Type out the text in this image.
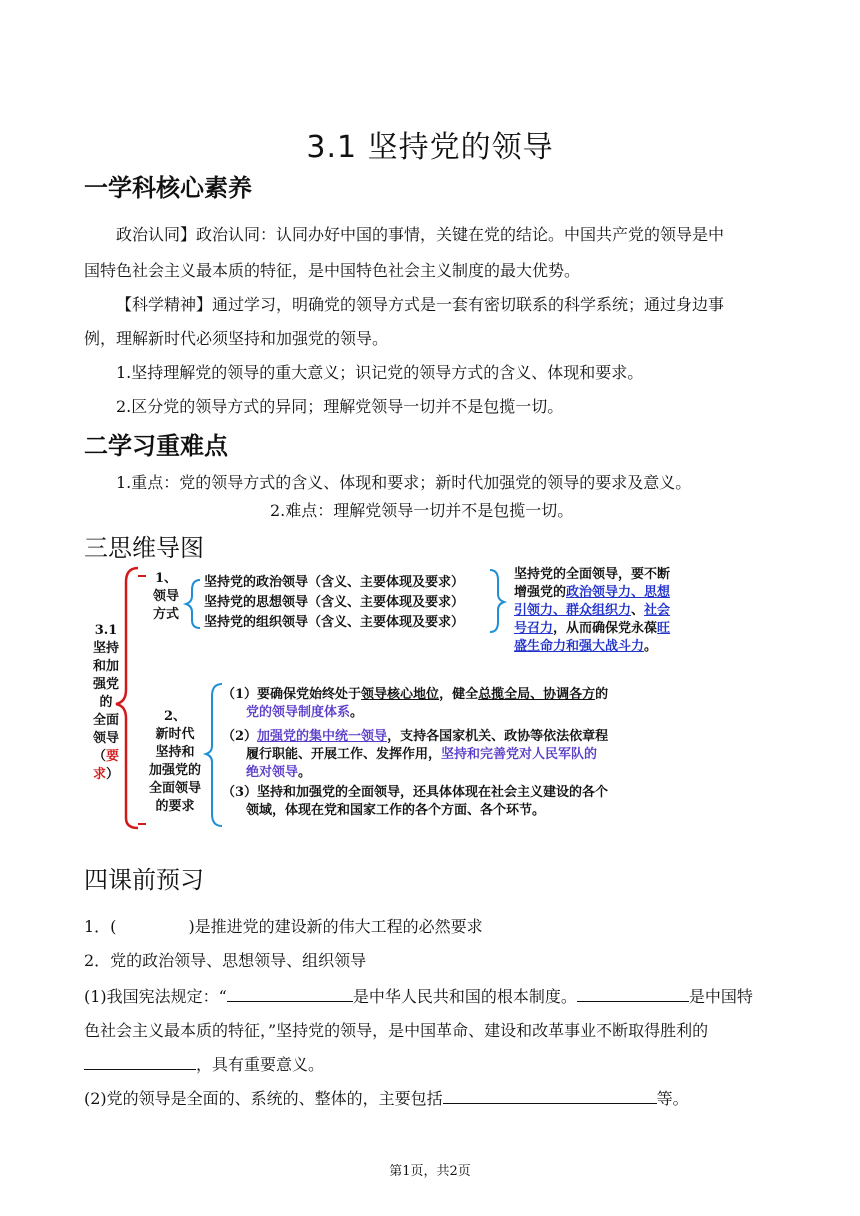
3.1 坚持党的领导
一学科核心素养
政治认同】政治认同：认同办好中国的事情，关键在党的结论。中国共产党的领导是中
国特色社会主义最本质的特征，是中国特色社会主义制度的最大优势。
【科学精神】通过学习，明确党的领导方式是一套有密切联系的科学系统；通过身边事
例，理解新时代必须坚持和加强党的领导。
1.坚持理解党的领导的重大意义；识记党的领导方式的含义、体现和要求。
2.区分党的领导方式的异同；理解党领导一切并不是包揽一切。
二学习重难点
1.重点：党的领导方式的含义、体现和要求；新时代加强党的领导的要求及意义。
2.难点：理解党领导一切并不是包揽一切。
三思维导图
3.1
坚持
和加
强党
的
全面
领导
（要
求）
1、
领导
方式
坚持党的政治领导（含义、主要体现及要求）
坚持党的思想领导（含义、主要体现及要求）
坚持党的组织领导（含义、主要体现及要求）
坚持党的全面领导，要不断
增强党的政治领导力、思想
引领力、群众组织力、社会
号召力，从而确保党永葆旺
盛生命力和强大战斗力。
2、
新时代
坚持和
加强党的
全面领导
的要求
（1）要确保党始终处于领导核心地位，健全总揽全局、协调各方的
党的领导制度体系。
（2）加强党的集中统一领导，支持各国家机关、政协等依法依章程
履行职能、开展工作、发挥作用，坚持和完善党对人民军队的
绝对领导。
（3）坚持和加强党的全面领导，还具体体现在社会主义建设的各个
领域，体现在党和国家工作的各个方面、各个环节。
四课前预习
1．(	)是推进党的建设新的伟大工程的必然要求
2．党的政治领导、思想领导、组织领导
(1)我国宪法规定：“	是中华人民共和国的根本制度。	是中国特
色社会主义最本质的特征，”坚持党的领导，是中国革命、建设和改革事业不断取得胜利的
，具有重要意义。
(2)党的领导是全面的、系统的、整体的，主要包括	等。
第1页，共2页
